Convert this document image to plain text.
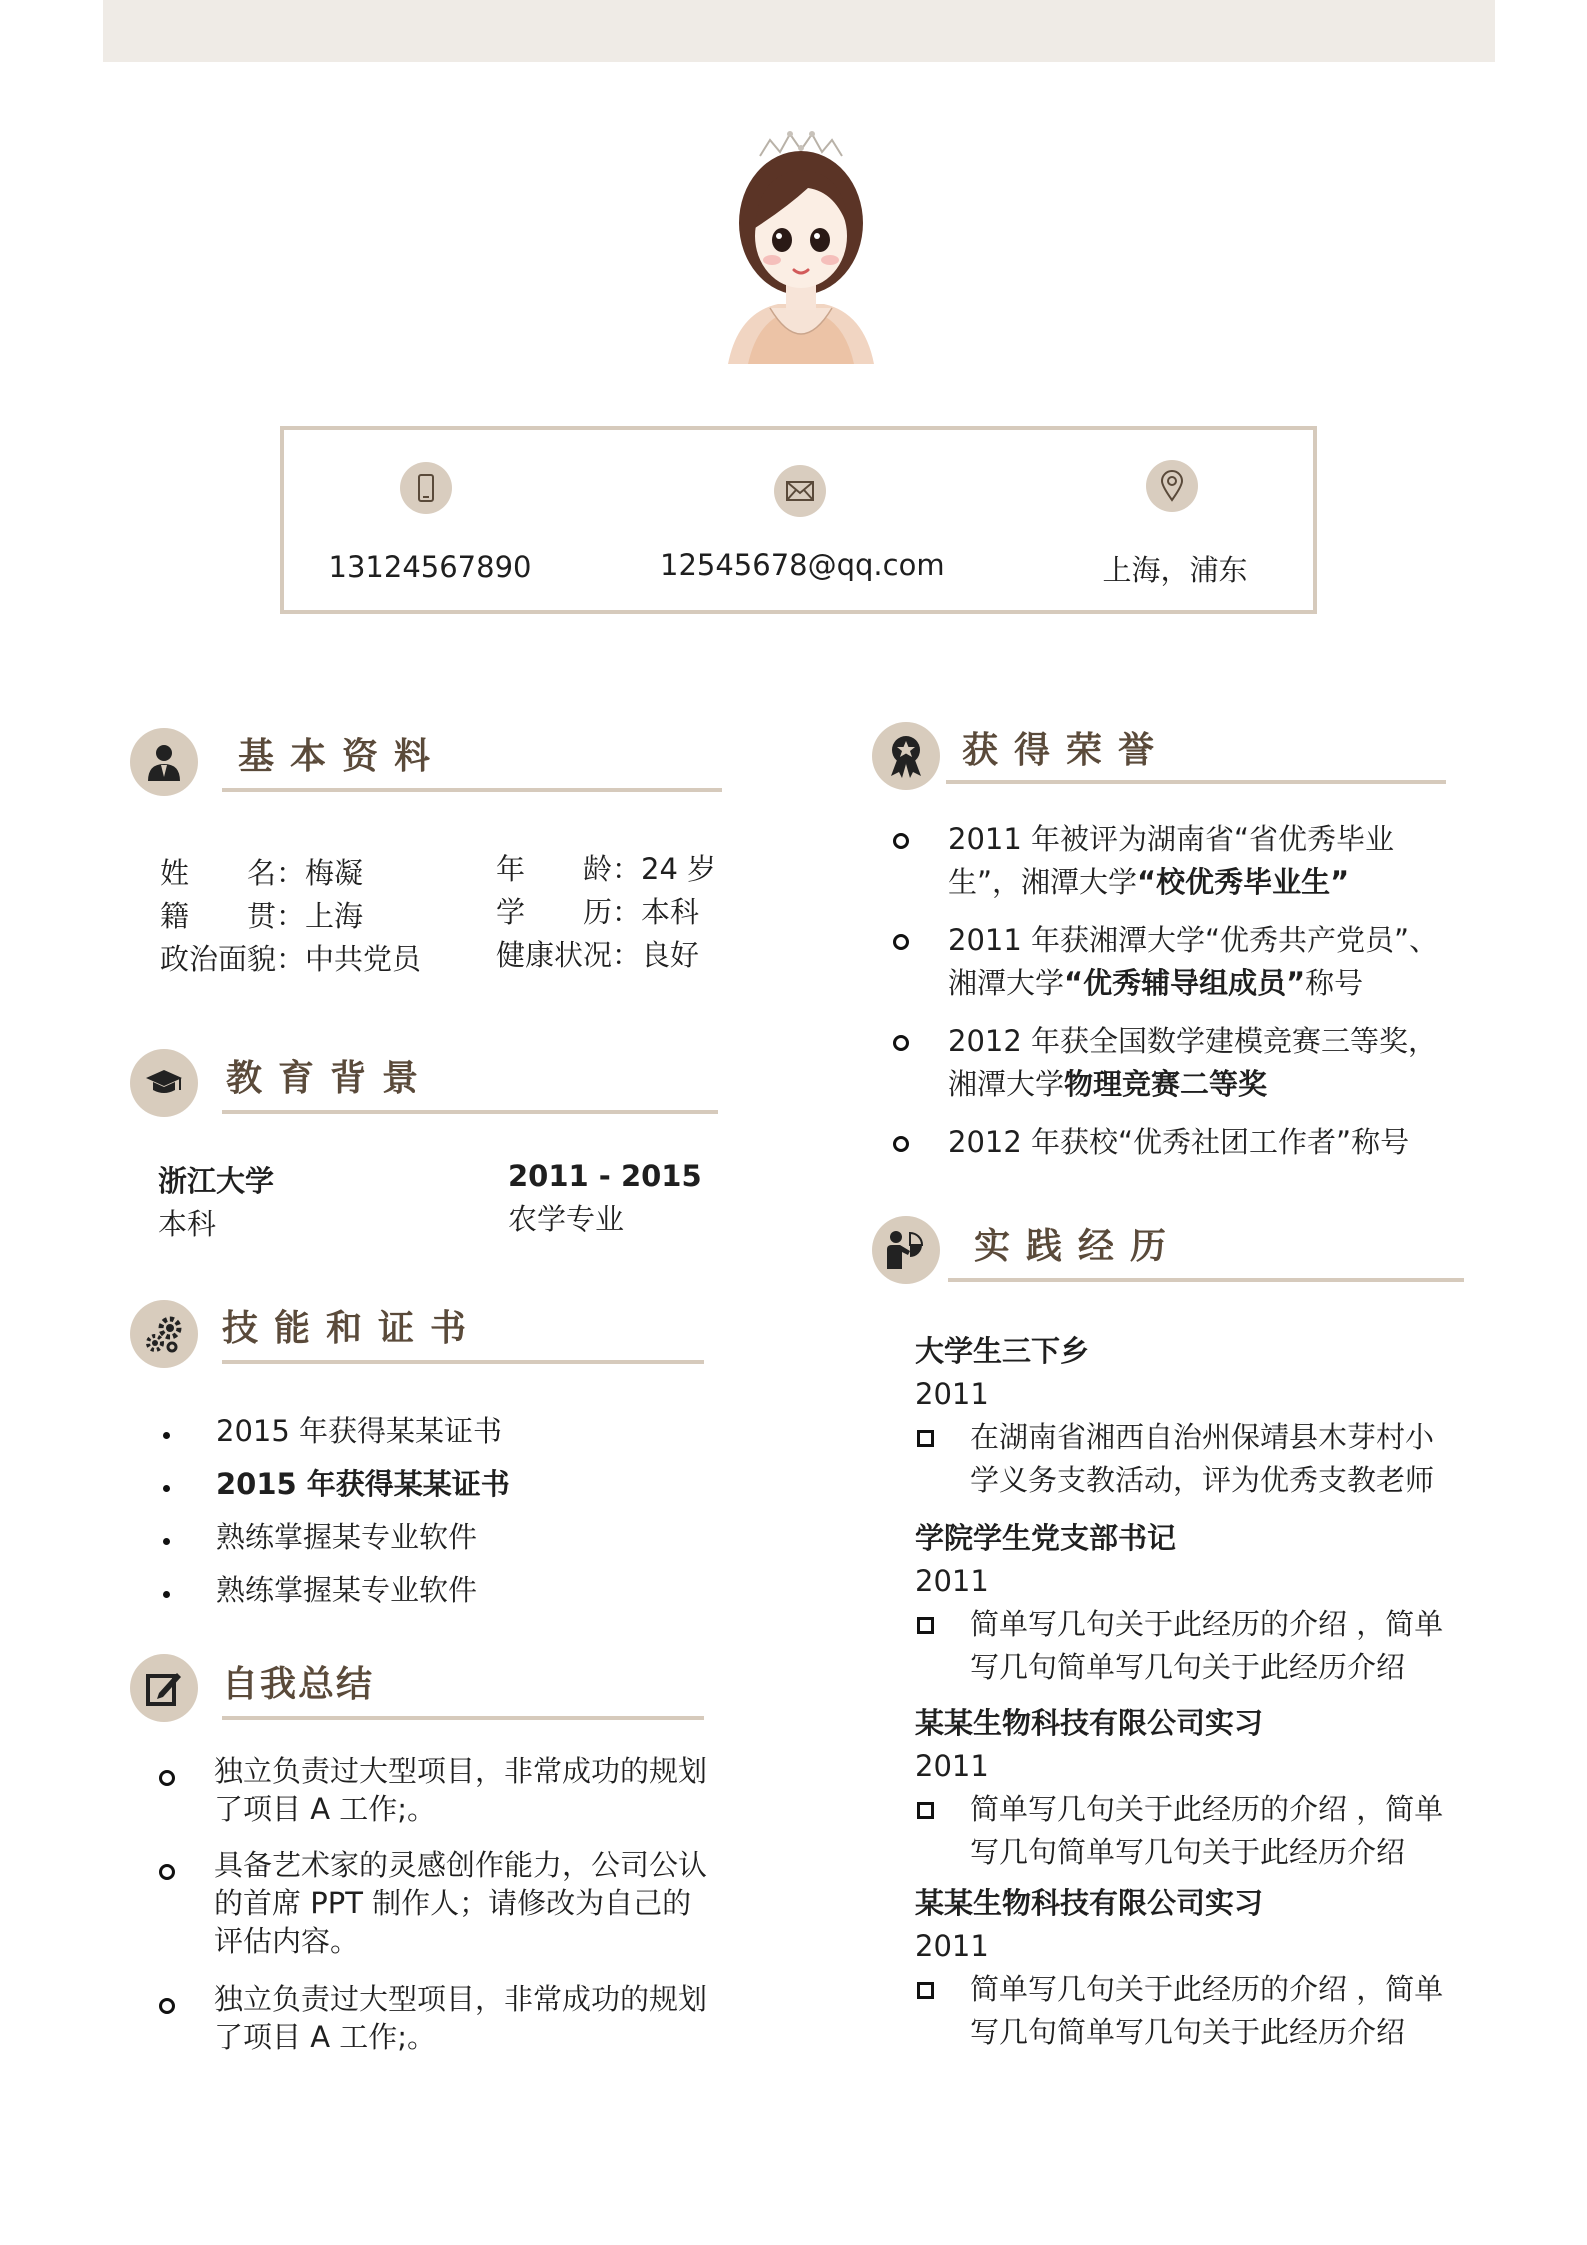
13124567890	12545678@qq.com	上海，浦东
基本资料
姓　　名：梅凝
籍　　贯：上海
政治面貌：中共党员
年　　龄：24 岁
学　　历：本科
健康状况：良好
教育背景
浙江大学
本科
2011 - 2015
农学专业
技能和证书
2015 年获得某某证书
2015 年获得某某证书
熟练掌握某专业软件
熟练掌握某专业软件
自我总结
独立负责过大型项目，非常成功的规划
了项目 A 工作;。
具备艺术家的灵感创作能力，公司公认
的首席 PPT 制作人；请修改为自己的
评估内容。
独立负责过大型项目，非常成功的规划
了项目 A 工作;。
获得荣誉
2011 年被评为湖南省“省优秀毕业
生”，湘潭大学“校优秀毕业生”
2011 年获湘潭大学“优秀共产党员”、
湘潭大学“优秀辅导组成员”称号
2012 年获全国数学建模竞赛三等奖，
湘潭大学物理竞赛二等奖
2012 年获校“优秀社团工作者”称号
实践经历
大学生三下乡
2011
在湖南省湘西自治州保靖县木芽村小
学义务支教活动，评为优秀支教老师
学院学生党支部书记
2011
简单写几句关于此经历的介绍 ，简单
写几句简单写几句关于此经历介绍
某某生物科技有限公司实习
2011
简单写几句关于此经历的介绍 ，简单
写几句简单写几句关于此经历介绍
某某生物科技有限公司实习
2011
简单写几句关于此经历的介绍 ，简单
写几句简单写几句关于此经历介绍
